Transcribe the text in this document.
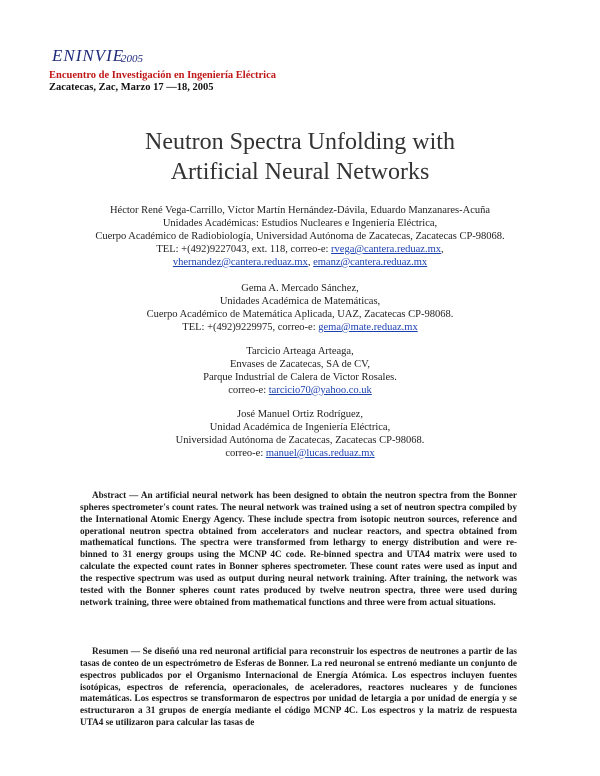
ENINVIE
2005
Encuentro de Investigación en Ingeniería Eléctrica
Zacatecas, Zac, Marzo 17 —18, 2005
Neutron Spectra Unfolding with
Artificial Neural Networks
Héctor René Vega-Carrillo, Víctor Martín Hernández-Dávila, Eduardo Manzanares-Acuña
Unidades Académicas: Estudios Nucleares e Ingeniería Eléctrica,
Cuerpo Académico de Radiobiología, Universidad Autónoma de Zacatecas, Zacatecas CP-98068.
TEL: +(492)9227043, ext. 118, correo-e: rvega@cantera.reduaz.mx,
vhernandez@cantera.reduaz.mx, emanz@cantera.reduaz.mx
Gema A. Mercado Sánchez,
Unidades Académica de Matemáticas,
Cuerpo Académico de Matemática Aplicada, UAZ, Zacatecas CP-98068.
TEL: +(492)9229975, correo-e: gema@mate.reduaz.mx
Tarcicio Arteaga Arteaga,
Envases de Zacatecas, SA de CV,
Parque Industrial de Calera de Victor Rosales.
correo-e: tarcicio70@yahoo.co.uk
José Manuel Ortiz Rodríguez,
Unidad Académica de Ingeniería Eléctrica,
Universidad Autónoma de Zacatecas, Zacatecas CP-98068.
correo-e: manuel@lucas.reduaz.mx
Abstract — An artificial neural network has been designed to obtain the neutron spectra from the Bonner spheres spectrometer's count rates. The neural network was trained using a set of neutron spectra compiled by the International Atomic Energy Agency. These include spectra from isotopic neutron sources, reference and operational neutron spectra obtained from accelerators and nuclear reactors, and spectra obtained from mathematical functions. The spectra were transformed from lethargy to energy distribution and were re-binned to 31 energy groups using the MCNP 4C code. Re-binned spectra and UTA4 matrix were used to calculate the expected count rates in Bonner spheres spectrometer. These count rates were used as input and the respective spectrum was used as output during neural network training. After training, the network was tested with the Bonner spheres count rates produced by twelve neutron spectra, three were used during network training, three were obtained from mathematical functions and three were from actual situations.
Resumen — Se diseñó una red neuronal artificial para reconstruir los espectros de neutrones a partir de las tasas de conteo de un espectrómetro de Esferas de Bonner. La red neuronal se entrenó mediante un conjunto de espectros publicados por el Organismo Internacional de Energía Atómica. Los espectros incluyen fuentes isotópicas, espectros de referencia, operacionales, de aceleradores, reactores nucleares y de funciones matemáticas. Los espectros se transformaron de espectros por unidad de letargia a por unidad de energía y se estructuraron a 31 grupos de energía mediante el código MCNP 4C. Los espectros y la matriz de respuesta UTA4 se utilizaron para calcular las tasas de
